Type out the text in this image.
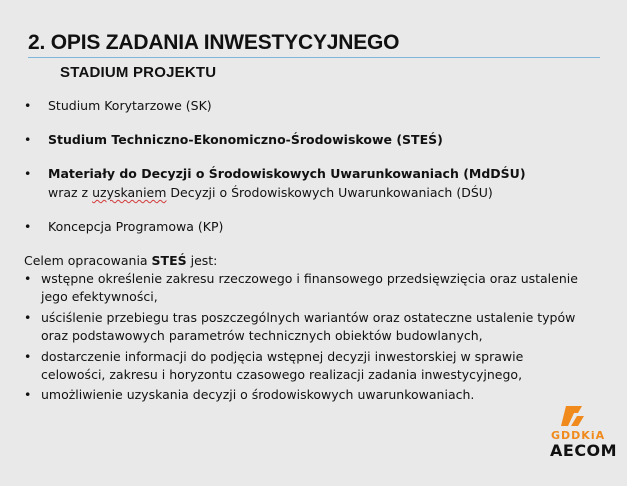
2. OPIS ZADANIA INWESTYCYJNEGO
STADIUM PROJEKTU
•	Studium Korytarzowe (SK)
•	Studium Techniczno-Ekonomiczno-Środowiskowe (STEŚ)
•	Materiały do Decyzji o Środowiskowych Uwarunkowaniach (MdDŚU)
wraz z uzyskaniem Decyzji o Środowiskowych Uwarunkowaniach (DŚU)
•	Koncepcja Programowa (KP)
Celem opracowania STEŚ jest:
• wstępne określenie zakresu rzeczowego i finansowego przedsięwzięcia oraz ustalenie
jego efektywności,
• uściślenie przebiegu tras poszczególnych wariantów oraz ostateczne ustalenie typów
oraz podstawowych parametrów technicznych obiektów budowlanych,
• dostarczenie informacji do podjęcia wstępnej decyzji inwestorskiej w sprawie
celowości, zakresu i horyzontu czasowego realizacji zadania inwestycyjnego,
• umożliwienie uzyskania decyzji o środowiskowych uwarunkowaniach.
GDDKiA
AECOM
